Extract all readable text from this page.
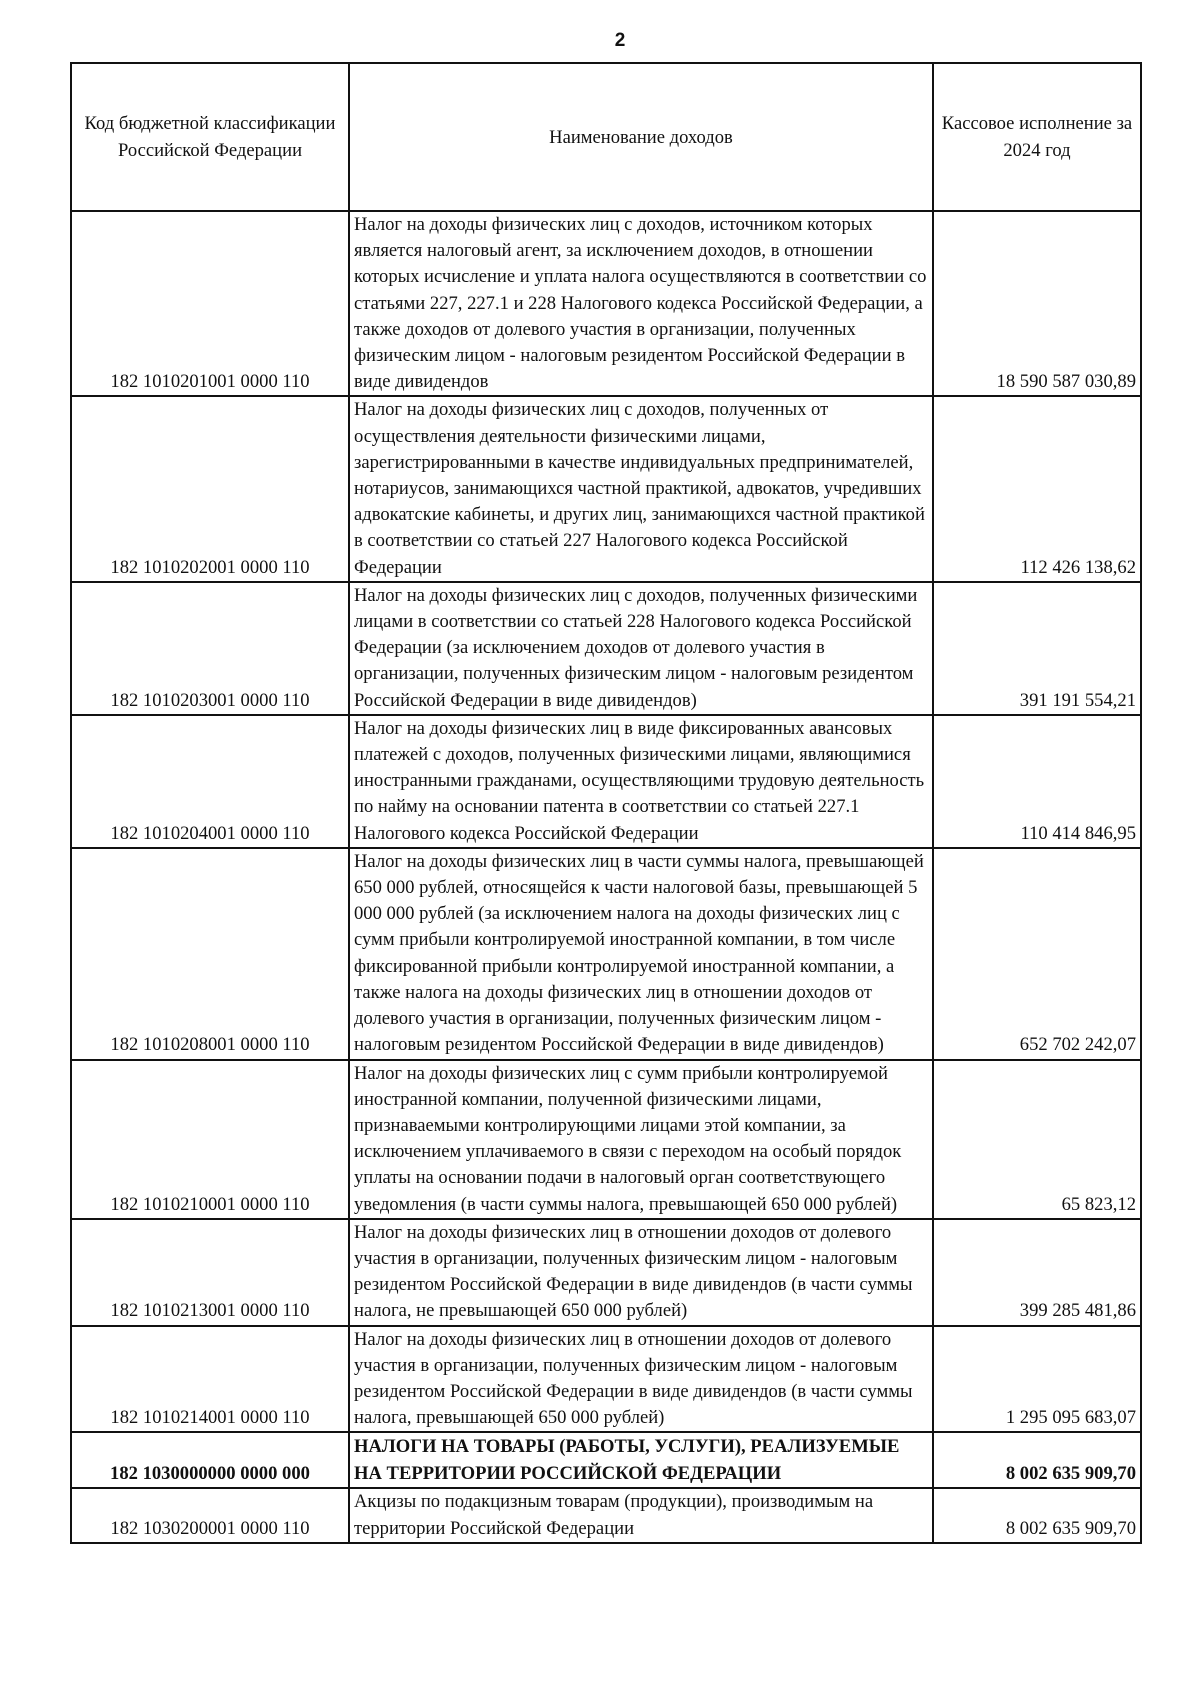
2
Код бюджетной классификации Российской Федерации	Наименование доходов	Кассовое исполнение за 2024 год
182 1010201001 0000 110	Налог на доходы физических лиц с доходов, источником которых является налоговый агент, за исключением доходов, в отношении которых исчисление и уплата налога осуществляются в соответствии со статьями 227, 227.1 и 228 Налогового кодекса Российской Федерации, а также доходов от долевого участия в организации, полученных физическим лицом - налоговым резидентом Российской Федерации в виде дивидендов	18 590 587 030,89
182 1010202001 0000 110	Налог на доходы физических лиц с доходов, полученных от осуществления деятельности физическими лицами, зарегистрированными в качестве индивидуальных предпринимателей, нотариусов, занимающихся частной практикой, адвокатов, учредивших адвокатские кабинеты, и других лиц, занимающихся частной практикой в соответствии со статьей 227 Налогового кодекса Российской Федерации	112 426 138,62
182 1010203001 0000 110	Налог на доходы физических лиц с доходов, полученных физическими лицами в соответствии со статьей 228 Налогового кодекса Российской Федерации (за исключением доходов от долевого участия в организации, полученных физическим лицом - налоговым резидентом Российской Федерации в виде дивидендов)	391 191 554,21
182 1010204001 0000 110	Налог на доходы физических лиц в виде фиксированных авансовых платежей с доходов, полученных физическими лицами, являющимися иностранными гражданами, осуществляющими трудовую деятельность по найму на основании патента в соответствии со статьей 227.1 Налогового кодекса Российской Федерации	110 414 846,95
182 1010208001 0000 110	Налог на доходы физических лиц в части суммы налога, превышающей 650 000 рублей, относящейся к части налоговой базы, превышающей 5 000 000 рублей (за исключением налога на доходы физических лиц с сумм прибыли контролируемой иностранной компании, в том числе фиксированной прибыли контролируемой иностранной компании, а также налога на доходы физических лиц в отношении доходов от долевого участия в организации, полученных физическим лицом - налоговым резидентом Российской Федерации в виде дивидендов)	652 702 242,07
182 1010210001 0000 110	Налог на доходы физических лиц с сумм прибыли контролируемой иностранной компании, полученной физическими лицами, признаваемыми контролирующими лицами этой компании, за исключением уплачиваемого в связи с переходом на особый порядок уплаты на основании подачи в налоговый орган соответствующего уведомления (в части суммы налога, превышающей 650 000 рублей)	65 823,12
182 1010213001 0000 110	Налог на доходы физических лиц в отношении доходов от долевого участия в организации, полученных физическим лицом - налоговым резидентом Российской Федерации в виде дивидендов (в части суммы налога, не превышающей 650 000 рублей)	399 285 481,86
182 1010214001 0000 110	Налог на доходы физических лиц в отношении доходов от долевого участия в организации, полученных физическим лицом - налоговым резидентом Российской Федерации в виде дивидендов (в части суммы налога, превышающей 650 000 рублей)	1 295 095 683,07
182 1030000000 0000 000	НАЛОГИ НА ТОВАРЫ (РАБОТЫ, УСЛУГИ), РЕАЛИЗУЕМЫЕ НА ТЕРРИТОРИИ РОССИЙСКОЙ ФЕДЕРАЦИИ	8 002 635 909,70
182 1030200001 0000 110	Акцизы по подакцизным товарам (продукции), производимым на территории Российской Федерации	8 002 635 909,70
